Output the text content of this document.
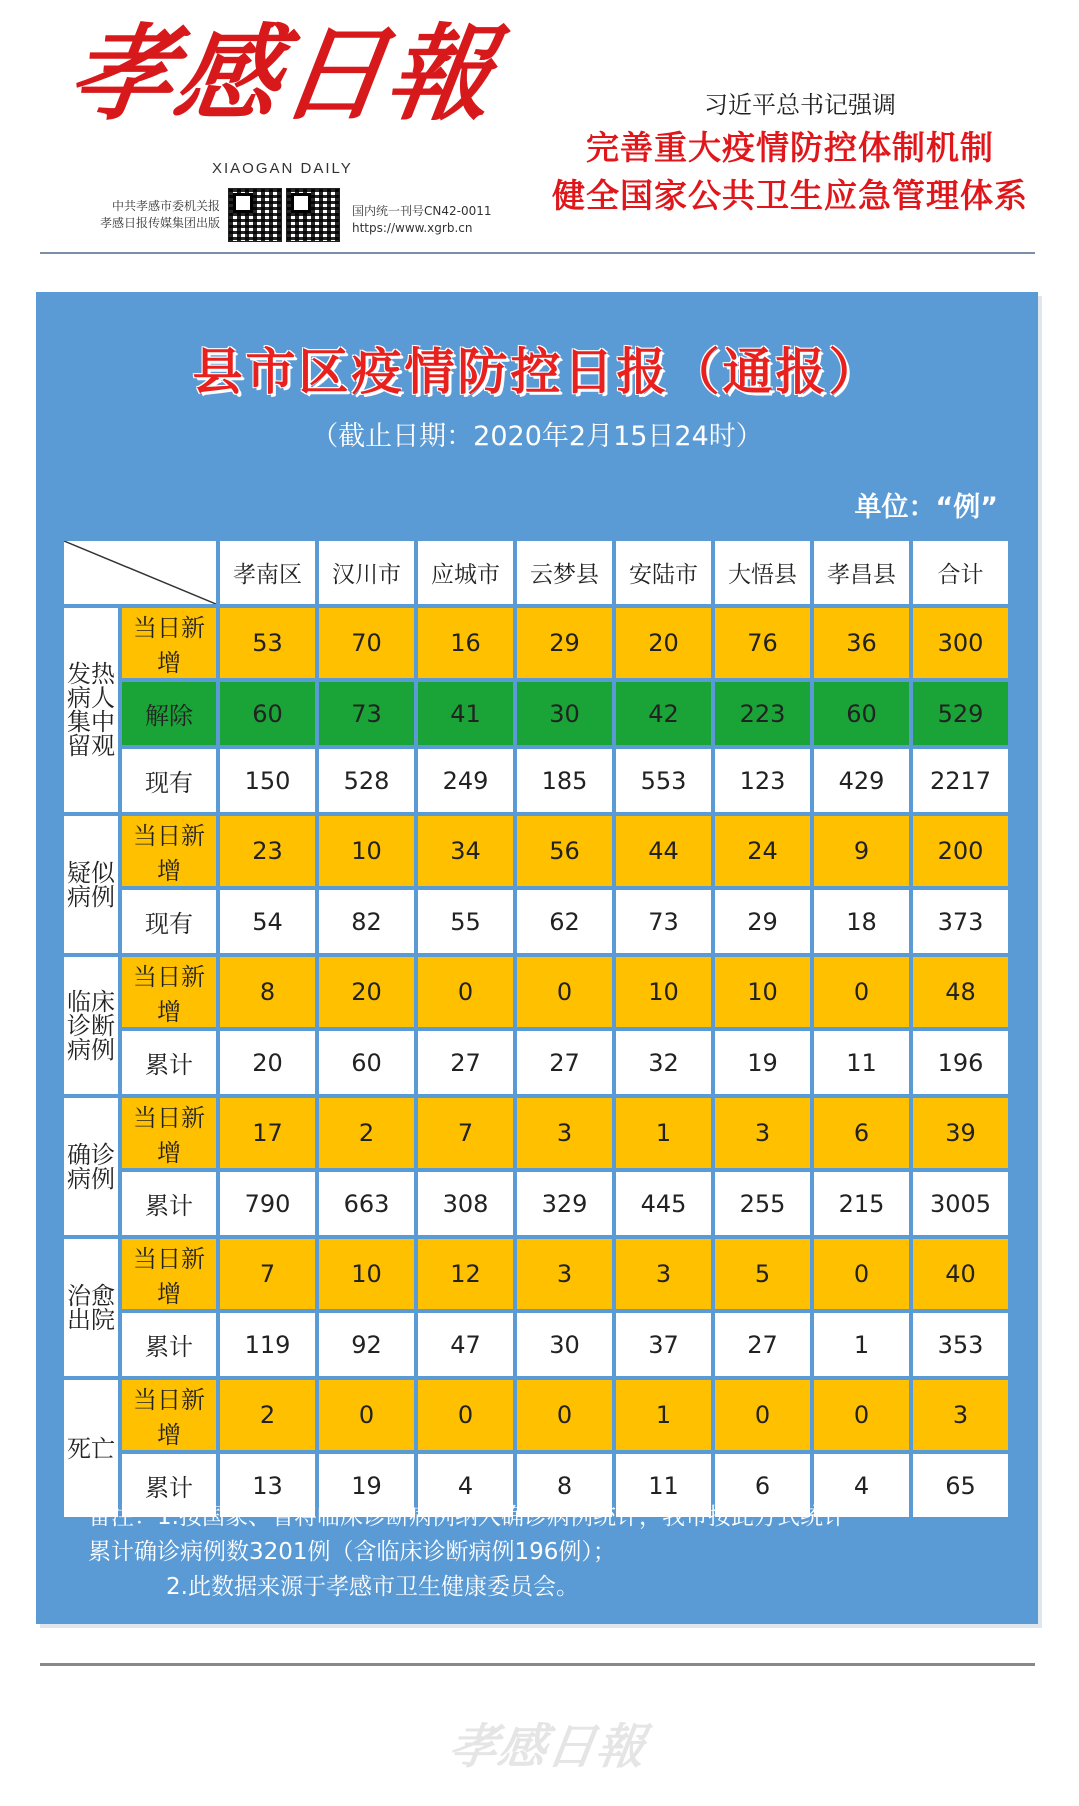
孝感日報
XIAOGAN DAILY
中共孝感市委机关报
孝感日报传媒集团出版
国内统一刊号CN42-0011
https://www.xgrb.cn
习近平总书记强调
完善重大疫情防控体制机制
健全国家公共卫生应急管理体系
县市区疫情防控日报（通报）
（截止日期：2020年2月15日24时）
单位：“例”
	孝南区	汉川市	应城市	云梦县	安陆市	大悟县	孝昌县	合计
发热
病人
集中
留观	当日新增	53	70	16	29	20	76	36	300
	解除	60	73	41	30	42	223	60	529
	现有	150	528	249	185	553	123	429	2217
疑似
病例	当日新增	23	10	34	56	44	24	9	200
	现有	54	82	55	62	73	29	18	373
临床
诊断
病例	当日新增	8	20	0	0	10	10	0	48
	累计	20	60	27	27	32	19	11	196
确诊
病例	当日新增	17	2	7	3	1	3	6	39
	累计	790	663	308	329	445	255	215	3005
治愈
出院	当日新增	7	10	12	3	3	5	0	40
	累计	119	92	47	30	37	27	1	353
死亡	当日新增	2	0	0	0	1	0	0	3
	累计	13	19	4	8	11	6	4	65
备注：1.按国家、省将临床诊断病例纳入确诊病例统计，我市按此方式统计
累计确诊病例数3201例（含临床诊断病例196例）；
2.此数据来源于孝感市卫生健康委员会。
孝感日報
